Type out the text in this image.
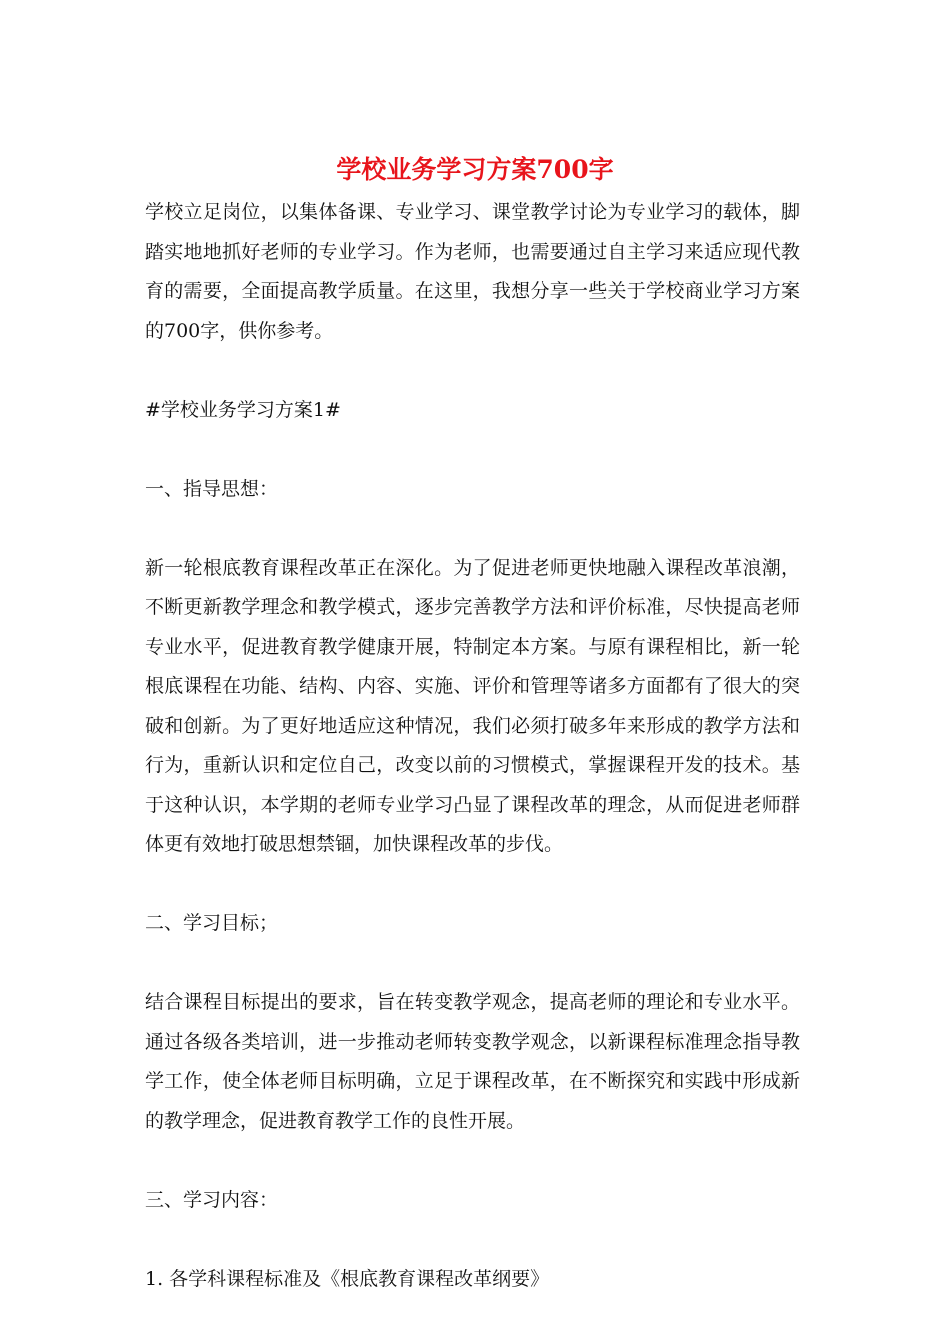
学校业务学习方案700字

学校立足岗位，以集体备课、专业学习、课堂教学讨论为专业学习的载体，脚踏实地地抓好老师的专业学习。作为老师，也需要通过自主学习来适应现代教育的需要，全面提高教学质量。在这里，我想分享一些关于学校商业学习方案的700字，供你参考。

#学校业务学习方案1#

一、指导思想：

新一轮根底教育课程改革正在深化。为了促进老师更快地融入课程改革浪潮，不断更新教学理念和教学模式，逐步完善教学方法和评价标准，尽快提高老师专业水平，促进教育教学健康开展，特制定本方案。与原有课程相比，新一轮根底课程在功能、结构、内容、实施、评价和管理等诸多方面都有了很大的突破和创新。为了更好地适应这种情况，我们必须打破多年来形成的教学方法和行为，重新认识和定位自己，改变以前的习惯模式，掌握课程开发的技术。基于这种认识，本学期的老师专业学习凸显了课程改革的理念，从而促进老师群体更有效地打破思想禁锢，加快课程改革的步伐。

二、学习目标；

结合课程目标提出的要求，旨在转变教学观念，提高老师的理论和专业水平。通过各级各类培训，进一步推动老师转变教学观念，以新课程标准理念指导教学工作，使全体老师目标明确，立足于课程改革，在不断探究和实践中形成新的教学理念，促进教育教学工作的良性开展。

三、学习内容：

1. 各学科课程标准及《根底教育课程改革纲要》
